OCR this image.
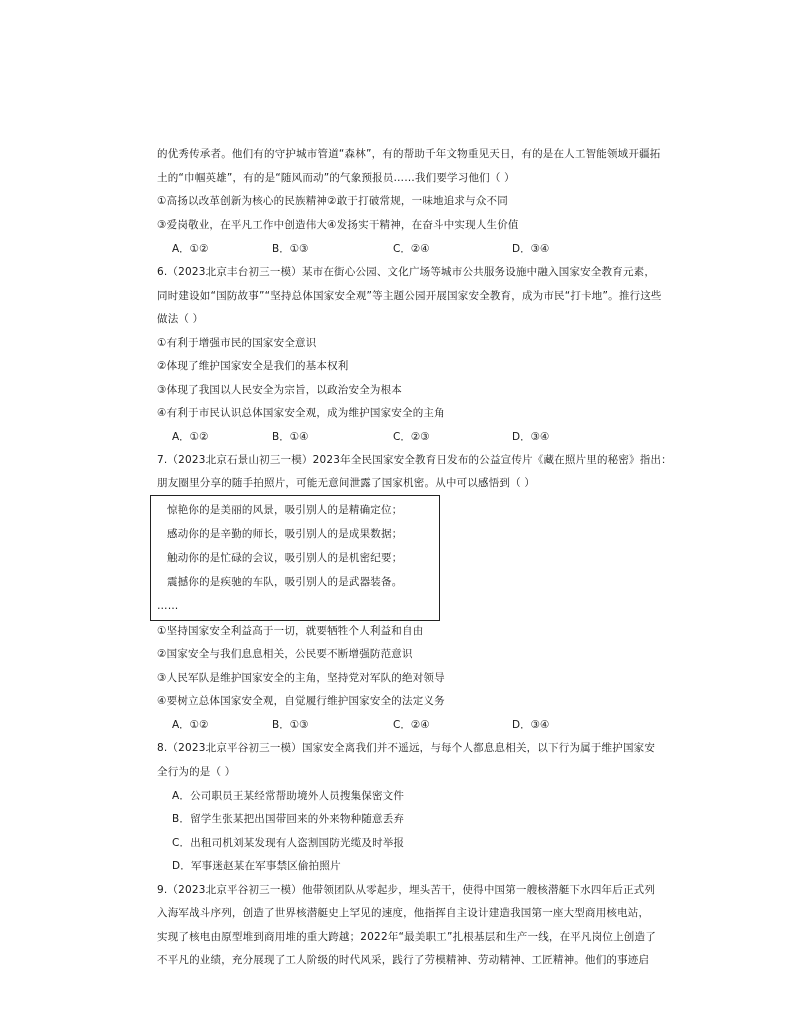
的优秀传承者。他们有的守护城市管道“森林”，有的帮助千年文物重见天日，有的是在人工智能领域开疆拓
土的“巾帼英雄”，有的是“随风而动”的气象预报员……我们要学习他们（ ）
①高扬以改革创新为核心的民族精神②敢于打破常规，一味地追求与众不同
③爱岗敬业，在平凡工作中创造伟大④发扬实干精神，在奋斗中实现人生价值
A．①②	B．①③	C．②④	D．③④
6.（2023北京丰台初三一模）某市在街心公园、文化广场等城市公共服务设施中融入国家安全教育元素，
同时建设如“国防故事”“坚持总体国家安全观”等主题公园开展国家安全教育，成为市民“打卡地”。推行这些
做法（ ）
①有利于增强市民的国家安全意识
②体现了维护国家安全是我们的基本权利
③体现了我国以人民安全为宗旨，以政治安全为根本
④有利于市民认识总体国家安全观，成为维护国家安全的主角
A．①②	B．①④	C．②③	D．③④
7.（2023北京石景山初三一模）2023年全民国家安全教育日发布的公益宣传片《藏在照片里的秘密》指出：
朋友圈里分享的随手拍照片，可能无意间泄露了国家机密。从中可以感悟到（ ）
惊艳你的是美丽的风景，吸引别人的是精确定位；
感动你的是辛勤的师长，吸引别人的是成果数据；
触动你的是忙碌的会议，吸引别人的是机密纪要；
震撼你的是疾驰的车队，吸引别人的是武器装备。
……
①坚持国家安全利益高于一切，就要牺牲个人利益和自由
②国家安全与我们息息相关，公民要不断增强防范意识
③人民军队是维护国家安全的主角，坚持党对军队的绝对领导
④要树立总体国家安全观，自觉履行维护国家安全的法定义务
A．①②	B．①③	C．②④	D．③④
8.（2023北京平谷初三一模）国家安全离我们并不遥远，与每个人都息息相关，以下行为属于维护国家安
全行为的是（ ）
A．公司职员王某经常帮助境外人员搜集保密文件
B．留学生张某把出国带回来的外来物种随意丢弃
C．出租司机刘某发现有人盗割国防光缆及时举报
D．军事迷赵某在军事禁区偷拍照片
9.（2023北京平谷初三一模）他带领团队从零起步，埋头苦干，使得中国第一艘核潜艇下水四年后正式列
入海军战斗序列，创造了世界核潜艇史上罕见的速度，他指挥自主设计建造我国第一座大型商用核电站，
实现了核电由原型堆到商用堆的重大跨越；2022年“最美职工”扎根基层和生产一线，在平凡岗位上创造了
不平凡的业绩，充分展现了工人阶级的时代风采，践行了劳模精神、劳动精神、工匠精神。他们的事迹启
